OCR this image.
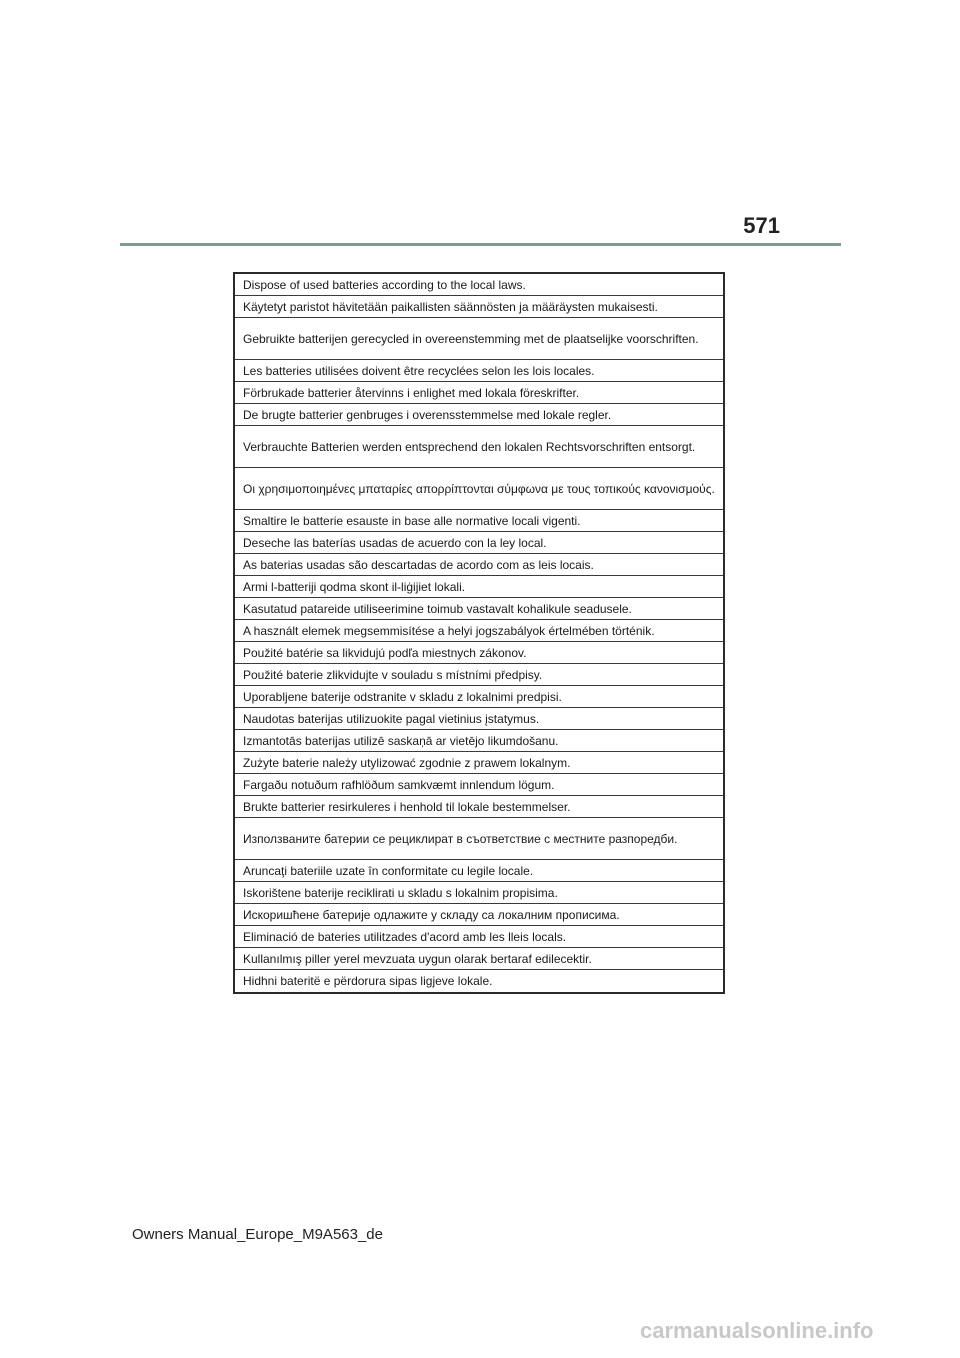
571
Dispose of used batteries according to the local laws.
Käytetyt paristot hävitetään paikallisten säännösten ja määräysten mukaisesti.
Gebruikte batterijen gerecycled in overeenstemming met de plaatselijke voorschriften.
Les batteries utilisées doivent être recyclées selon les lois locales.
Förbrukade batterier återvinns i enlighet med lokala föreskrifter.
De brugte batterier genbruges i overensstemmelse med lokale regler.
Verbrauchte Batterien werden entsprechend den lokalen Rechtsvorschriften entsorgt.
Οι χρησιμοποιημένες μπαταρίες απορρίπτονται σύμφωνα με τους τοπικούς κανονισμούς.
Smaltire le batterie esauste in base alle normative locali vigenti.
Deseche las baterías usadas de acuerdo con la ley local.
As baterias usadas são descartadas de acordo com as leis locais.
Armi l-batteriji qodma skont il-liġijiet lokali.
Kasutatud patareide utiliseerimine toimub vastavalt kohalikule seadusele.
A használt elemek megsemmisítése a helyi jogszabályok értelmében történik.
Použité batérie sa likvidujú podľa miestnych zákonov.
Použité baterie zlikvidujte v souladu s místními předpisy.
Uporabljene baterije odstranite v skladu z lokalnimi predpisi.
Naudotas baterijas utilizuokite pagal vietinius įstatymus.
Izmantotās baterijas utilizē saskaņā ar vietējo likumdošanu.
Zużyte baterie należy utylizować zgodnie z prawem lokalnym.
Fargaðu notuðum rafhlöðum samkvæmt innlendum lögum.
Brukte batterier resirkuleres i henhold til lokale bestemmelser.
Използваните батерии се рециклират в съответствие с местните разпоредби.
Aruncaţi bateriile uzate în conformitate cu legile locale.
Iskorištene baterije reciklirati u skladu s lokalnim propisima.
Искоришћене батерије одлажите у складу са локалним прописима.
Eliminació de bateries utilitzades d'acord amb les lleis locals.
Kullanılmış piller yerel mevzuata uygun olarak bertaraf edilecektir.
Hidhni bateritë e përdorura sipas ligjeve lokale.
Owners Manual_Europe_M9A563_de
carmanualsonline.info
